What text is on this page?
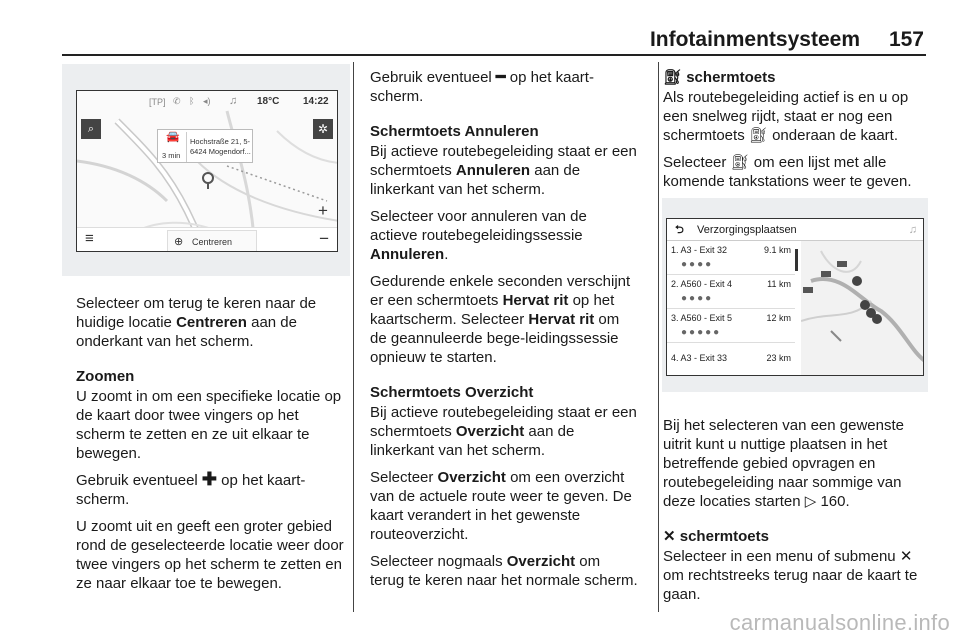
Infotainmentsysteem 157
[TP] ✆ ᛒ ◂) ♫ 18°C 14:22
⌕	✲
🚘
3 min
Hochstraße 21, 5-
6424 Mogendorf...
+
≡	⊕ Centreren	−

Selecteer om terug te keren naar de huidige locatie Centreren aan de onderkant van het scherm.

Zoomen

U zoomt in om een specifieke locatie op de kaart door twee vingers op het scherm te zetten en ze uit elkaar te bewegen.

Gebruik eventueel ✚ op het kaart-scherm.

U zoomt uit en geeft een groter gebied rond de geselecteerde locatie weer door twee vingers op het scherm te zetten en ze naar elkaar toe te bewegen.

Gebruik eventueel ━ op het kaart-scherm.

Schermtoets Annuleren

Bij actieve routebegeleiding staat er een schermtoets Annuleren aan de linkerkant van het scherm.

Selecteer voor annuleren van de actieve routebegeleidingssessie Annuleren.

Gedurende enkele seconden verschijnt er een schermtoets Hervat rit op het kaartscherm. Selecteer Hervat rit om de geannuleerde bege-leidingssessie opnieuw te starten.

Schermtoets Overzicht

Bij actieve routebegeleiding staat er een schermtoets Overzicht aan de linkerkant van het scherm.

Selecteer Overzicht om een overzicht van de actuele route weer te geven. De kaart verandert in het gewenste routeoverzicht.

Selecteer nogmaals Overzicht om terug te keren naar het normale scherm.

⛽︎ schermtoets

Als routebegeleiding actief is en u op een snelweg rijdt, staat er nog een schermtoets ⛽︎ onderaan de kaart.

Selecteer ⛽︎ om een lijst met alle komende tankstations weer te geven.

⮌ Verzorgingsplaatsen	♫
1. A3 - Exit 32	9.1 km
●●●●
2. A560 - Exit 4	11 km
●●●●
3. A560 - Exit 5	12 km
●●●●●
4. A3 - Exit 33	23 km

Bij het selecteren van een gewenste uitrit kunt u nuttige plaatsen in het betreffende gebied opvragen en routebegeleiding naar sommige van deze locaties starten ▷ 160.

✕ schermtoets

Selecteer in een menu of submenu ✕ om rechtstreeks terug naar de kaart te gaan.

carmanualsonline.info
